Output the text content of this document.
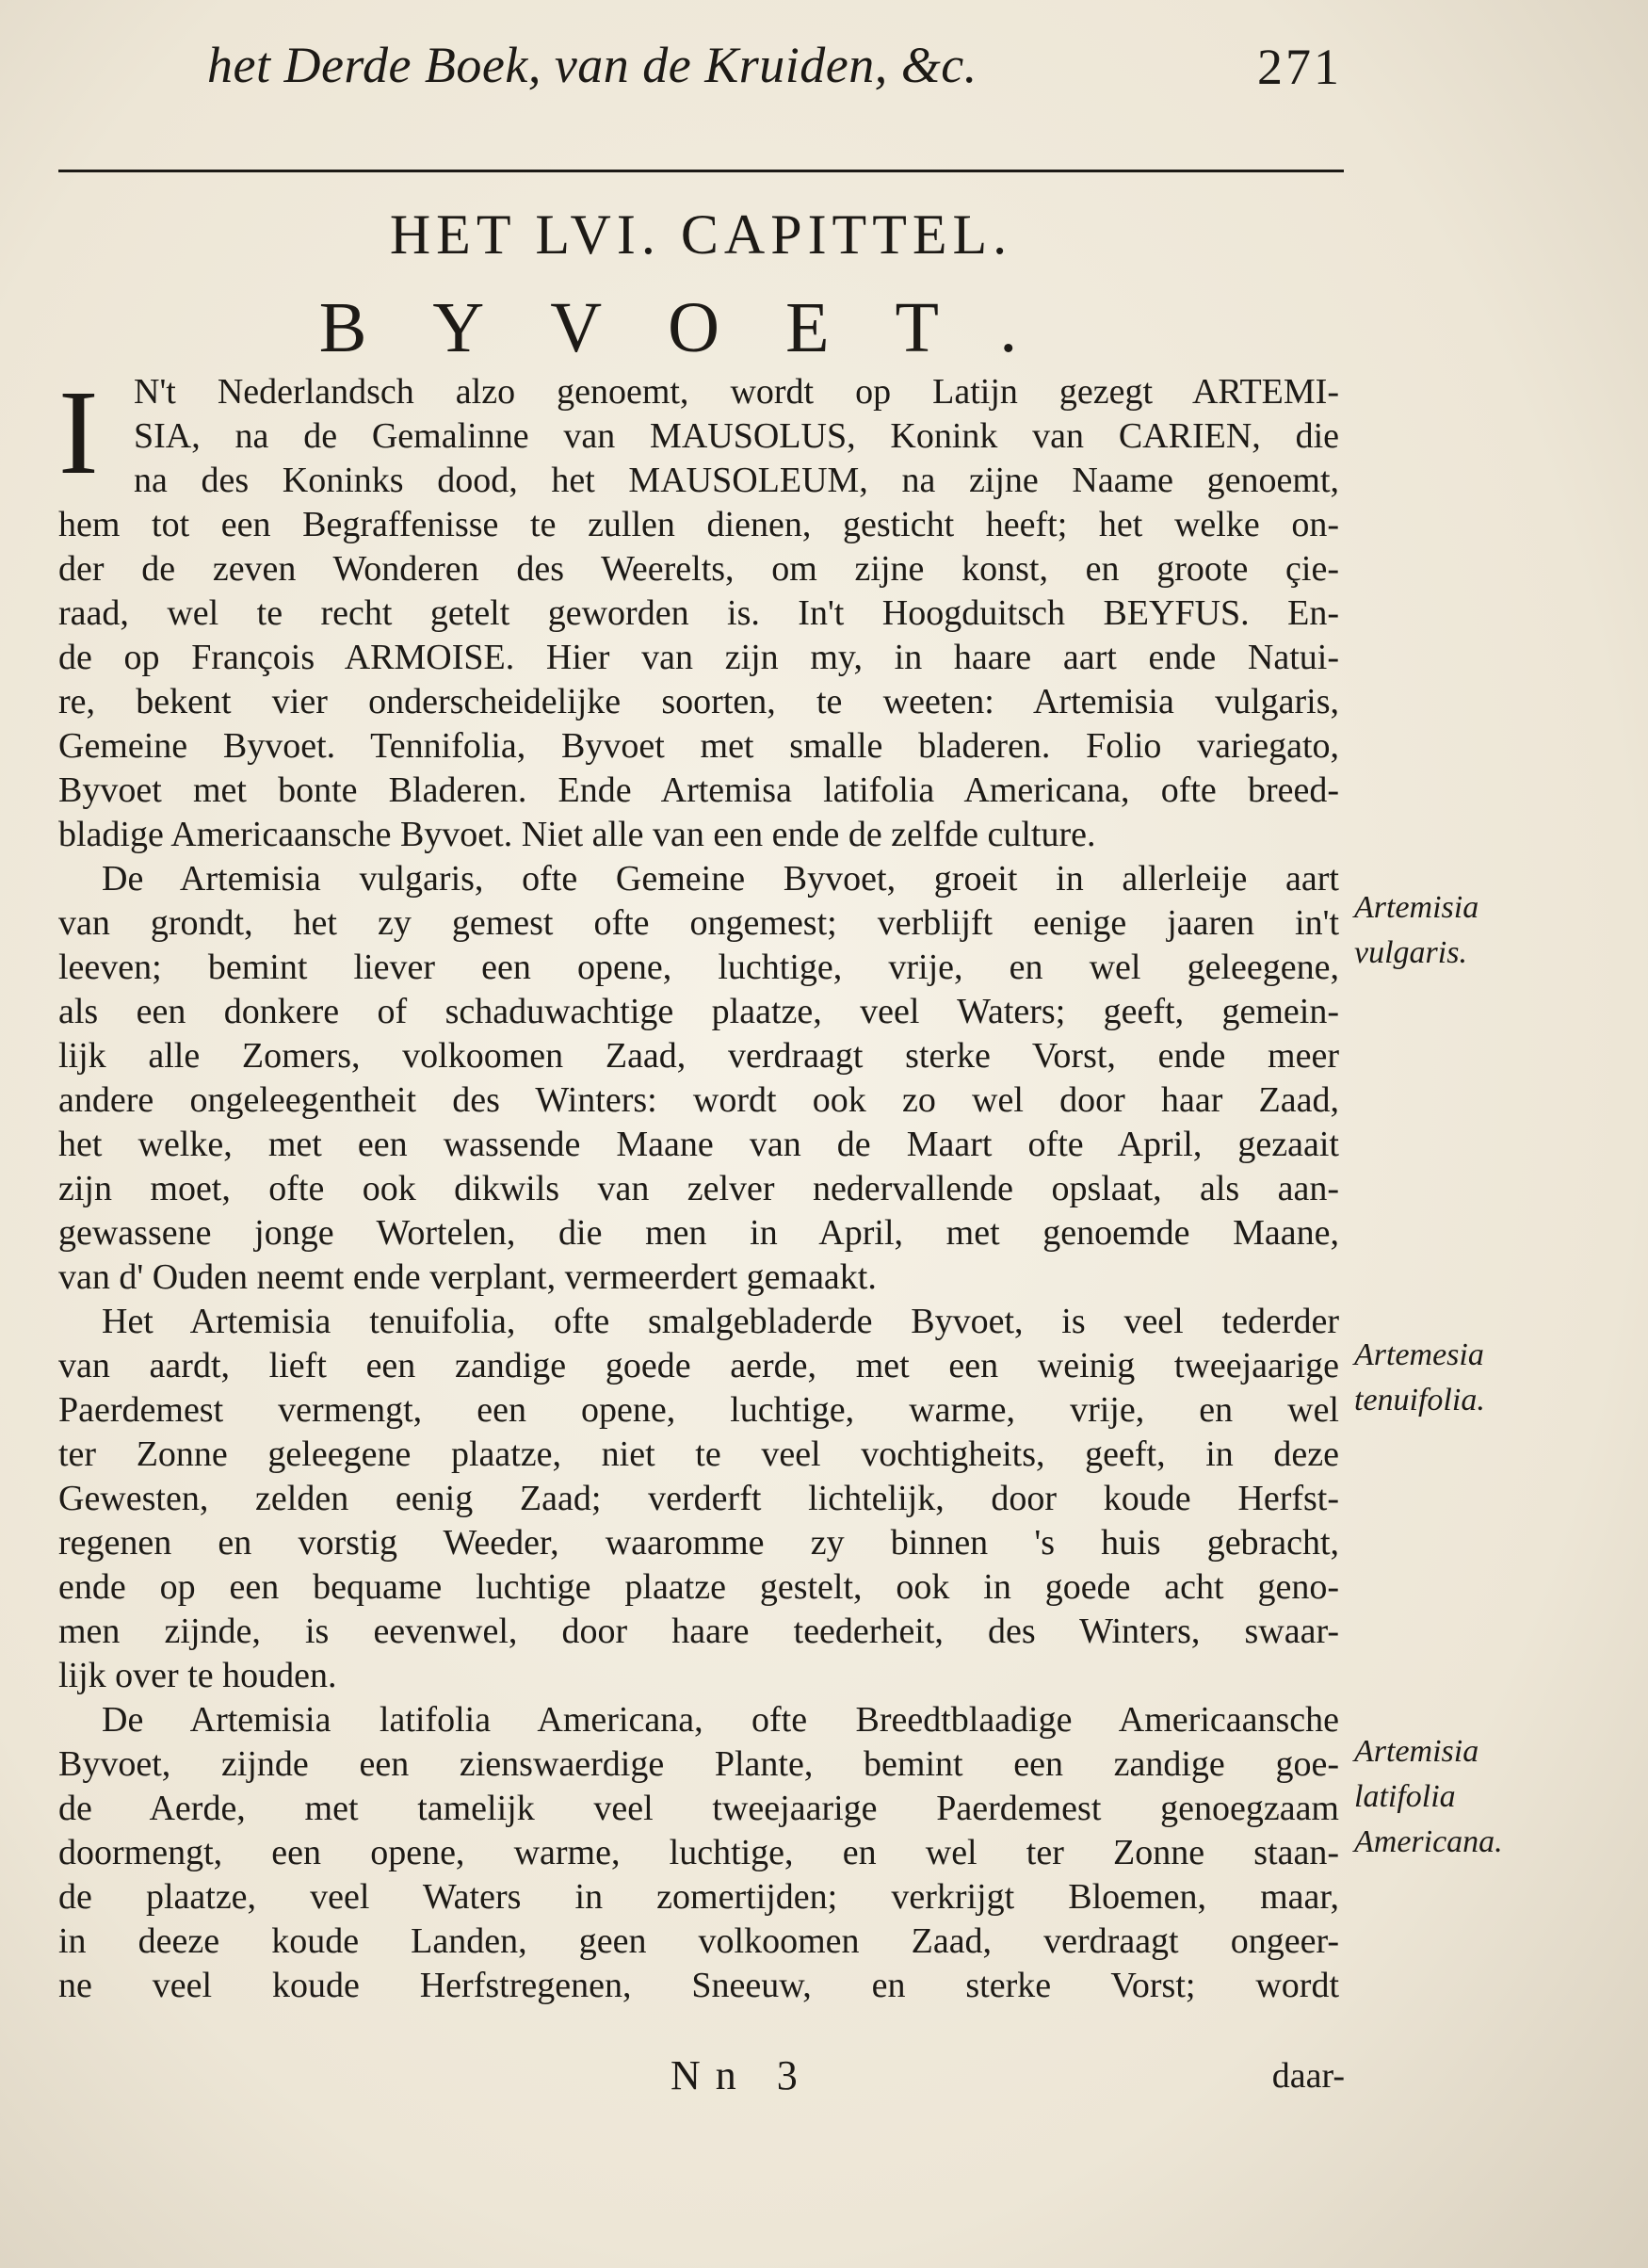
het Derde Boek, van de Kruiden, &c.	271
HET LVI. CAPITTEL.
BYVOET.
I N't Nederlandsch alzo genoemt, wordt op Latijn gezegt ARTEMI-
SIA, na de Gemalinne van MAUSOLUS, Konink van CARIEN, die
na des Koninks dood, het MAUSOLEUM, na zijne Naame genoemt,
hem tot een Begraffenisse te zullen dienen, gesticht heeft; het welke on-
der de zeven Wonderen des Weerelts, om zijne konst, en groote çie-
raad, wel te recht getelt geworden is. In't Hoogduitsch BEYFUS. En-
de op François ARMOISE. Hier van zijn my, in haare aart ende Natui-
re, bekent vier onderscheidelijke soorten, te weeten: Artemisia vulgaris,
Gemeine Byvoet. Tennifolia, Byvoet met smalle bladeren. Folio variegato,
Byvoet met bonte Bladeren. Ende Artemisa latifolia Americana, ofte breed-
bladige Americaansche Byvoet. Niet alle van een ende de zelfde culture.
De Artemisia vulgaris, ofte Gemeine Byvoet, groeit in allerleije aart
van grondt, het zy gemest ofte ongemest; verblijft eenige jaaren in't
leeven; bemint liever een opene, luchtige, vrije, en wel geleegene,
als een donkere of schaduwachtige plaatze, veel Waters; geeft, gemein-
lijk alle Zomers, volkoomen Zaad, verdraagt sterke Vorst, ende meer
andere ongeleegentheit des Winters: wordt ook zo wel door haar Zaad,
het welke, met een wassende Maane van de Maart ofte April, gezaait
zijn moet, ofte ook dikwils van zelver nedervallende opslaat, als aan-
gewassene jonge Wortelen, die men in April, met genoemde Maane,
van d' Ouden neemt ende verplant, vermeerdert gemaakt.
Het Artemisia tenuifolia, ofte smalgebladerde Byvoet, is veel tederder
van aardt, lieft een zandige goede aerde, met een weinig tweejaarige
Paerdemest vermengt, een opene, luchtige, warme, vrije, en wel
ter Zonne geleegene plaatze, niet te veel vochtigheits, geeft, in deze
Gewesten, zelden eenig Zaad; verderft lichtelijk, door koude Herfst-
regenen en vorstig Weeder, waaromme zy binnen 's huis gebracht,
ende op een bequame luchtige plaatze gestelt, ook in goede acht geno-
men zijnde, is eevenwel, door haare teederheit, des Winters, swaar-
lijk over te houden.
De Artemisia latifolia Americana, ofte Breedtblaadige Americaansche
Byvoet, zijnde een zienswaerdige Plante, bemint een zandige goe-
de Aerde, met tamelijk veel tweejaarige Paerdemest genoegzaam
doormengt, een opene, warme, luchtige, en wel ter Zonne staan-
de plaatze, veel Waters in zomertijden; verkrijgt Bloemen, maar,
in deeze koude Landen, geen volkoomen Zaad, verdraagt ongeer-
ne veel koude Herfstregenen, Sneeuw, en sterke Vorst; wordt
Artemisia
vulgaris.
Artemesia
tenuifolia.
Artemisia
latifolia
Americana.
Nn 3	daar-
